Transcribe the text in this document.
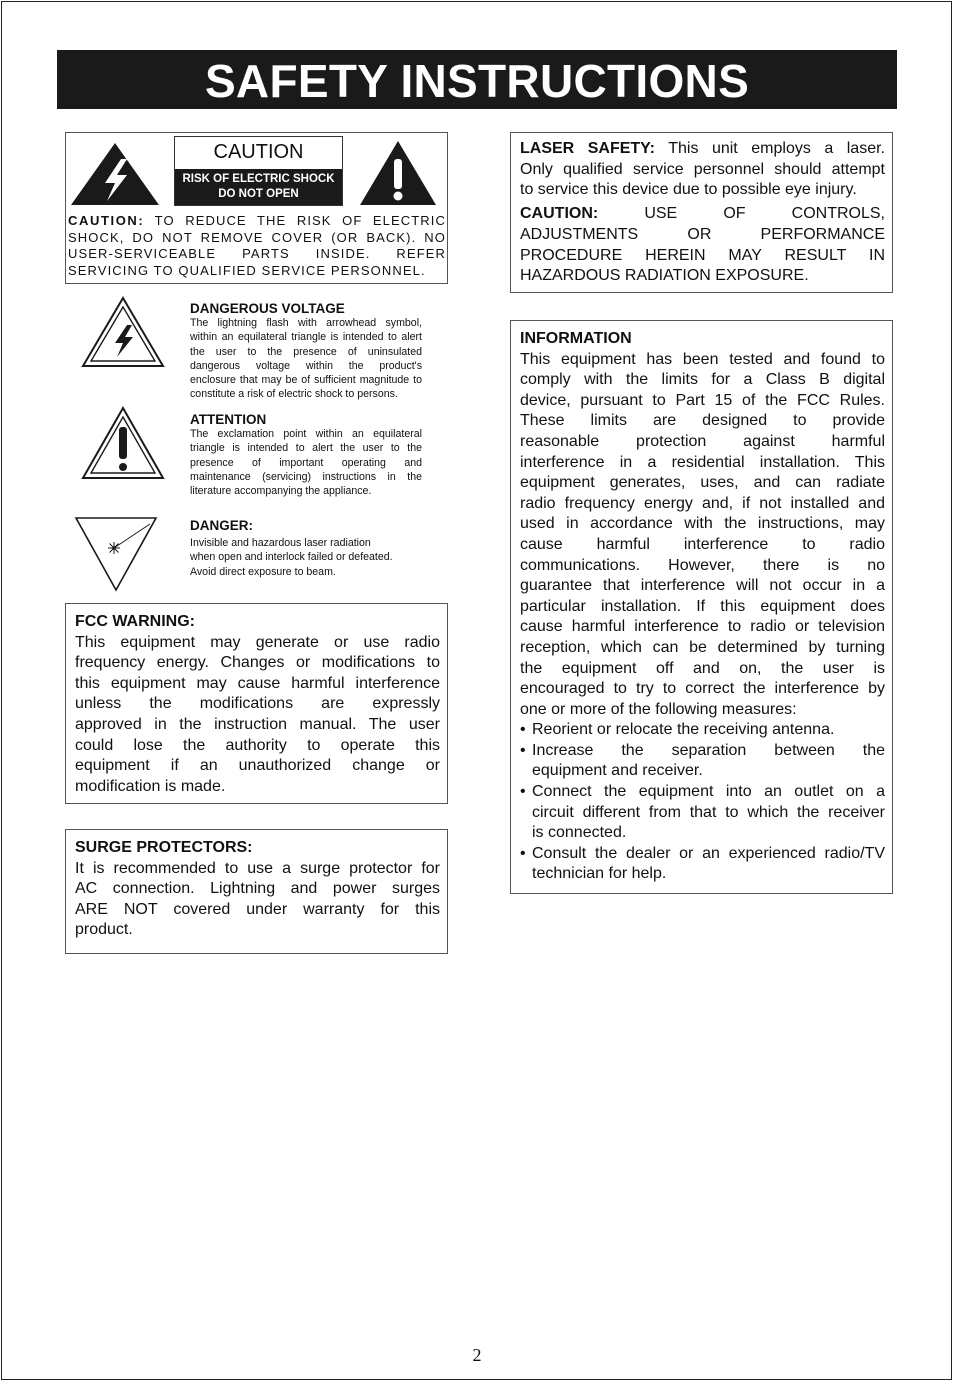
SAFETY INSTRUCTIONS
CAUTION
RISK OF ELECTRIC SHOCK
DO NOT OPEN
CAUTION: TO REDUCE THE RISK OF ELECTRIC
SHOCK, DO NOT REMOVE COVER (OR BACK). NO
USER-SERVICEABLE PARTS INSIDE. REFER
SERVICING TO QUALIFIED SERVICE PERSONNEL.
DANGEROUS VOLTAGE
The lightning flash with arrowhead symbol,
within an equilateral triangle is intended to alert
the user to the presence of uninsulated
dangerous voltage within the product's
enclosure that may be of sufficient magnitude to
constitute a risk of electric shock to persons.
ATTENTION
The exclamation point within an equilateral
triangle is intended to alert the user to the
presence of important operating and
maintenance (servicing) instructions in the
literature accompanying the appliance.
DANGER:
Invisible and hazardous laser radiation
when open and interlock failed or defeated.
Avoid direct exposure to beam.
FCC WARNING:
This equipment may generate or use radio
frequency energy. Changes or modifications to
this equipment may cause harmful interference
unless the modifications are expressly
approved in the instruction manual. The user
could lose the authority to operate this
equipment if an unauthorized change or
modification is made.
SURGE PROTECTORS:
It is recommended to use a surge protector for
AC connection. Lightning and power surges
ARE NOT covered under warranty for this
product.
LASER SAFETY: This unit employs a laser.
Only qualified service personnel should attempt
to service this device due to possible eye injury.
CAUTION: USE OF CONTROLS,
ADJUSTMENTS OR PERFORMANCE
PROCEDURE HEREIN MAY RESULT IN
HAZARDOUS RADIATION EXPOSURE.
INFORMATION
This equipment has been tested and found to
comply with the limits for a Class B digital
device, pursuant to Part 15 of the FCC Rules.
These limits are designed to provide
reasonable protection against harmful
interference in a residential installation. This
equipment generates, uses, and can radiate
radio frequency energy and, if not installed and
used in accordance with the instructions, may
cause harmful interference to radio
communications. However, there is no
guarantee that interference will not occur in a
particular installation. If this equipment does
cause harmful interference to radio or television
reception, which can be determined by turning
the equipment off and on, the user is
encouraged to try to correct the interference by
one or more of the following measures:
• Reorient or relocate the receiving antenna.
• Increase the separation between the
equipment and receiver.
• Connect the equipment into an outlet on a
circuit different from that to which the receiver
is connected.
• Consult the dealer or an experienced radio/TV
technician for help.
2
